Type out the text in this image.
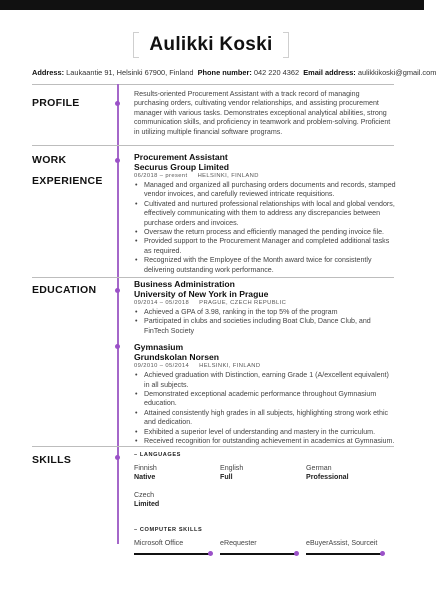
Aulikki Koski
Address: Laukaantie 91, Helsinki 67900, Finland Phone number: 042 220 4362 Email address: aulikkikoski@gmail.com
PROFILE

Results-oriented Procurement Assistant with a track record of managing purchasing orders, cultivating vendor relationships, and assisting procurement manager with various tasks. Demonstrates exceptional analytical abilities, strong communication skills, and proficiency in teamwork and problem-solving. Proficient in utilizing multiple financial software programs.

WORK
EXPERIENCE
Procurement Assistant
Securus Group Limited
06/2018 – present HELSINKI, FINLAND
• Managed and organized all purchasing orders documents and records, stamped vendor invoices, and carefully reviewed intricate requisitions.
• Cultivated and nurtured professional relationships with local and global vendors, effectively communicating with them to address any discrepancies between purchase orders and invoices.
• Oversaw the return process and efficiently managed the pending invoice file.
• Provided support to the Procurement Manager and completed additional tasks as required.
• Recognized with the Employee of the Month award twice for consistently delivering outstanding work performance.
EDUCATION	Business Administration
University of New York in Prague
09/2014 – 05/2018 PRAGUE, CZECH REPUBLIC
• Achieved a GPA of 3.98, ranking in the top 5% of the program
• Participated in clubs and societies including Boat Club, Dance Club, and FinTech Society
Gymnasium
Grundskolan Norsen
09/2010 – 05/2014 HELSINKI, FINLAND
• Achieved graduation with Distinction, earning Grade 1 (A/excellent equivalent) in all subjects.
• Demonstrated exceptional academic performance throughout Gymnasium education.
• Attained consistently high grades in all subjects, highlighting strong work ethic and dedication.
• Exhibited a superior level of understanding and mastery in the curriculum.
• Received recognition for outstanding achievement in academics at Gymnasium.
SKILLS	– LANGUAGES
Finnish
Native
English
Full
German
Professional
Czech
Limited
– COMPUTER SKILLS
Microsoft Office	eRequester	eBuyerAssist, Sourceit
